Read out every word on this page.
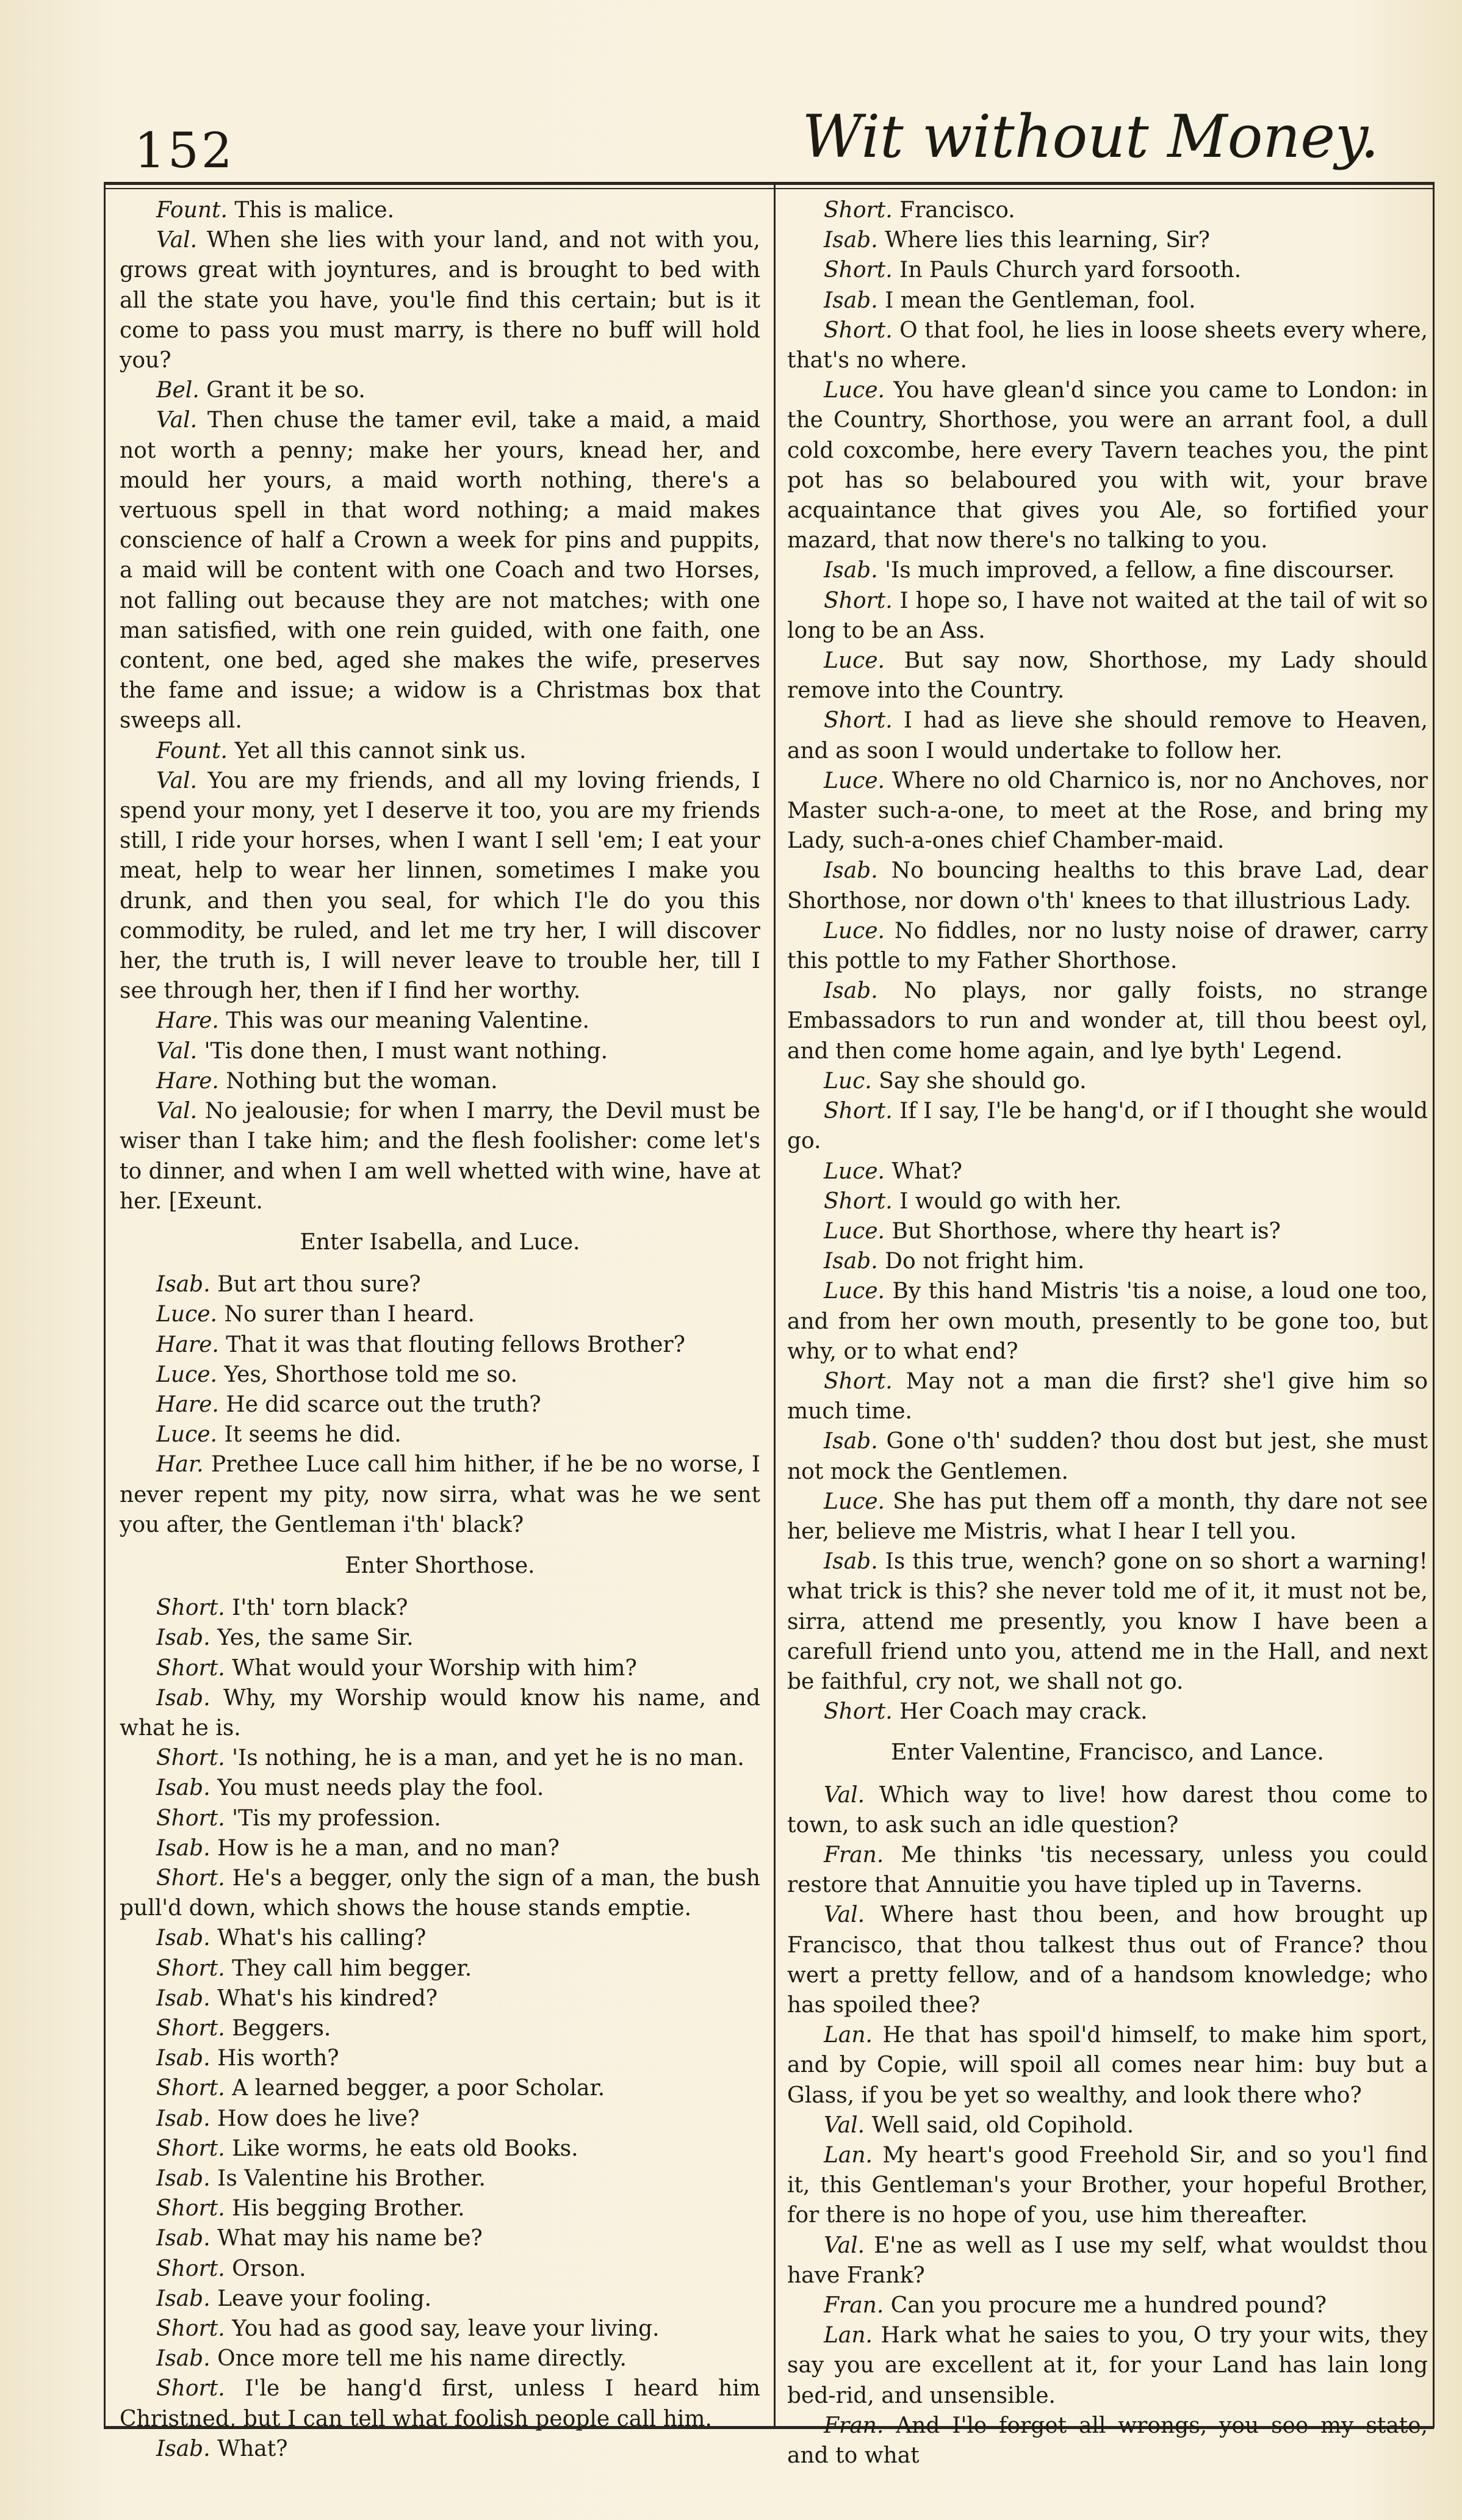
152	Wit without Money.

Fount. This is malice.

Val. When she lies with your land, and not with you, grows great with joyntures, and is brought to bed with all the state you have, you'le find this certain; but is it come to pass you must marry, is there no buff will hold you?

Bel. Grant it be so.

Val. Then chuse the tamer evil, take a maid, a maid not worth a penny; make her yours, knead her, and mould her yours, a maid worth nothing, there's a vertuous spell in that word nothing; a maid makes conscience of half a Crown a week for pins and puppits, a maid will be content with one Coach and two Horses, not falling out because they are not matches; with one man satisfied, with one rein guided, with one faith, one content, one bed, aged she makes the wife, preserves the fame and issue; a widow is a Christmas box that sweeps all.

Fount. Yet all this cannot sink us.

Val. You are my friends, and all my loving friends, I spend your mony, yet I deserve it too, you are my friends still, I ride your horses, when I want I sell 'em; I eat your meat, help to wear her linnen, sometimes I make you drunk, and then you seal, for which I'le do you this commodity, be ruled, and let me try her, I will discover her, the truth is, I will never leave to trouble her, till I see through her, then if I find her worthy.

Hare. This was our meaning Valentine.

Val. 'Tis done then, I must want nothing.

Hare. Nothing but the woman.

Val. No jealousie; for when I marry, the Devil must be wiser than I take him; and the flesh foolisher: come let's to dinner, and when I am well whetted with wine, have at her. [Exeunt.

Enter Isabella, and Luce.

Isab. But art thou sure?

Luce. No surer than I heard.

Hare. That it was that flouting fellows Brother?

Luce. Yes, Shorthose told me so.

Hare. He did scarce out the truth?

Luce. It seems he did.

Har. Prethee Luce call him hither, if he be no worse, I never repent my pity, now sirra, what was he we sent you after, the Gentleman i'th' black?

Enter Shorthose.

Short. I'th' torn black?

Isab. Yes, the same Sir.

Short. What would your Worship with him?

Isab. Why, my Worship would know his name, and what he is.

Short. 'Is nothing, he is a man, and yet he is no man.

Isab. You must needs play the fool.

Short. 'Tis my profession.

Isab. How is he a man, and no man?

Short. He's a begger, only the sign of a man, the bush pull'd down, which shows the house stands emptie.

Isab. What's his calling?

Short. They call him begger.

Isab. What's his kindred?

Short. Beggers.

Isab. His worth?

Short. A learned begger, a poor Scholar.

Isab. How does he live?

Short. Like worms, he eats old Books.

Isab. Is Valentine his Brother.

Short. His begging Brother.

Isab. What may his name be?

Short. Orson.

Isab. Leave your fooling.

Short. You had as good say, leave your living.

Isab. Once more tell me his name directly.

Short. I'le be hang'd first, unless I heard him Christned, but I can tell what foolish people call him.

Isab. What?

Short. Francisco.

Isab. Where lies this learning, Sir?

Short. In Pauls Church yard forsooth.

Isab. I mean the Gentleman, fool.

Short. O that fool, he lies in loose sheets every where, that's no where.

Luce. You have glean'd since you came to London: in the Country, Shorthose, you were an arrant fool, a dull cold coxcombe, here every Tavern teaches you, the pint pot has so belaboured you with wit, your brave acquaintance that gives you Ale, so fortified your mazard, that now there's no talking to you.

Isab. 'Is much improved, a fellow, a fine discourser.

Short. I hope so, I have not waited at the tail of wit so long to be an Ass.

Luce. But say now, Shorthose, my Lady should remove into the Country.

Short. I had as lieve she should remove to Heaven, and as soon I would undertake to follow her.

Luce. Where no old Charnico is, nor no Anchoves, nor Master such-a-one, to meet at the Rose, and bring my Lady, such-a-ones chief Chamber-maid.

Isab. No bouncing healths to this brave Lad, dear Shorthose, nor down o'th' knees to that illustrious Lady.

Luce. No fiddles, nor no lusty noise of drawer, carry this pottle to my Father Shorthose.

Isab. No plays, nor gally foists, no strange Embassadors to run and wonder at, till thou beest oyl, and then come home again, and lye byth' Legend.

Luc. Say she should go.

Short. If I say, I'le be hang'd, or if I thought she would go.

Luce. What?

Short. I would go with her.

Luce. But Shorthose, where thy heart is?

Isab. Do not fright him.

Luce. By this hand Mistris 'tis a noise, a loud one too, and from her own mouth, presently to be gone too, but why, or to what end?

Short. May not a man die first? she'l give him so much time.

Isab. Gone o'th' sudden? thou dost but jest, she must not mock the Gentlemen.

Luce. She has put them off a month, thy dare not see her, believe me Mistris, what I hear I tell you.

Isab. Is this true, wench? gone on so short a warning! what trick is this? she never told me of it, it must not be, sirra, attend me presently, you know I have been a carefull friend unto you, attend me in the Hall, and next be faithful, cry not, we shall not go.

Short. Her Coach may crack.

Enter Valentine, Francisco, and Lance.

Val. Which way to live! how darest thou come to town, to ask such an idle question?

Fran. Me thinks 'tis necessary, unless you could restore that Annuitie you have tipled up in Taverns.

Val. Where hast thou been, and how brought up Francisco, that thou talkest thus out of France? thou wert a pretty fellow, and of a handsom knowledge; who has spoiled thee?

Lan. He that has spoil'd himself, to make him sport, and by Copie, will spoil all comes near him: buy but a Glass, if you be yet so wealthy, and look there who?

Val. Well said, old Copihold.

Lan. My heart's good Freehold Sir, and so you'l find it, this Gentleman's your Brother, your hopeful Brother, for there is no hope of you, use him thereafter.

Val. E'ne as well as I use my self, what wouldst thou have Frank?

Fran. Can you procure me a hundred pound?

Lan. Hark what he saies to you, O try your wits, they say you are excellent at it, for your Land has lain long bed-rid, and unsensible.

Fran. And I'le forget all wrongs, you see my state, and to what
